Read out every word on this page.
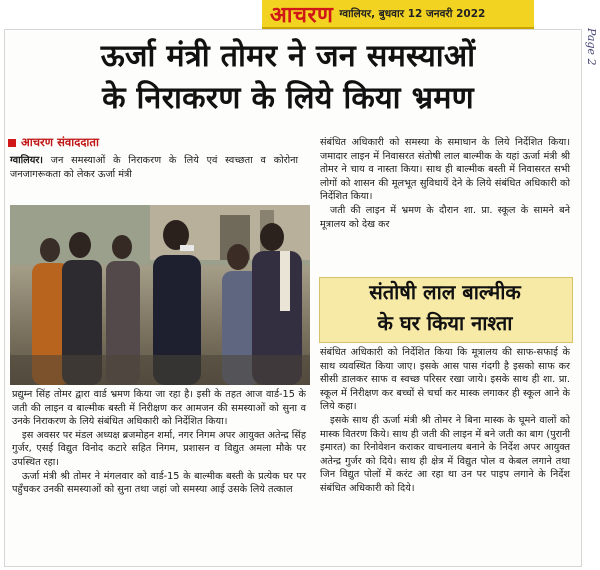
आचरण ग्वालियर, बुधवार 12 जनवरी 2022
Page 2
ऊर्जा मंत्री तोमर ने जन समस्याओं
के निराकरण के लिये किया भ्रमण
आचरण संवाददाता

ग्वालियर। जन समस्याओं के निराकरण के लिये एवं स्वच्छता व कोरोना जनजागरूकता को लेकर ऊर्जा मंत्री

प्रद्युम्न सिंह तोमर द्वारा वार्ड भ्रमण किया जा रहा है। इसी के तहत आज वार्ड-15 के जती की लाइन व बाल्मीक बस्ती में निरीक्षण कर आमजन की समस्याओं को सुना व उनके निराकरण के लिये संबंधित अधिकारी को निर्देशित किया।

इस अवसर पर मंडल अध्यक्ष ब्रजमोहन शर्मा, नगर निगम अपर आयुक्त अतेन्द्र सिंह गुर्जर, एसई विद्युत विनोद कटारे सहित निगम, प्रशासन व विद्युत अमला मौके पर उपस्थित रहा।

ऊर्जा मंत्री श्री तोमर ने मंगलवार को वार्ड-15 के बाल्मीक बस्ती के प्रत्येक घर पर पहुँचकर उनकी समस्याओं को सुना तथा जहां जो समस्या आई उसके लिये तत्काल

संबंधित अधिकारी को समस्या के समाधान के लिये निर्देशित किया। जमादार लाइन में निवासरत संतोषी लाल बाल्मीक के यहां ऊर्जा मंत्री श्री तोमर ने चाय व नास्ता किया। साथ ही बाल्मीक बस्ती में निवासरत सभी लोगों को शासन की मूलभूत सुविधायें देने के लिये संबंधित अधिकारी को निर्देशित किया।

जती की लाइन में भ्रमण के दौरान शा. प्रा. स्कूल के सामने बने मूत्रालय को देख कर

संतोषी लाल बाल्मीक
के घर किया नाश्ता

संबंधित अधिकारी को निर्देशित किया कि मूत्रालय की साफ-सफाई के साथ व्यवस्थित किया जाए। इसके आस पास गंदगी है इसको साफ कर सीसी डालकर साफ व स्वच्छ परिसर रखा जाये। इसके साथ ही शा. प्रा. स्कूल में निरीक्षण कर बच्चों से चर्चा कर मास्क लगाकर ही स्कूल आने के लिये कहा।

इसके साथ ही ऊर्जा मंत्री श्री तोमर ने बिना मास्क के घूमने वालों को मास्क वितरण किये। साथ ही जती की लाइन में बने जती का बाग (पुरानी इमारत) का रिनोवेशन कराकर वाचनालय बनाने के निर्देश अपर आयुक्त अतेन्द्र गुर्जर को दिये। साथ ही क्षेत्र में विद्युत पोल व केबल लगाने तथा जिन विद्युत पोलों में करंट आ रहा था उन पर पाइप लगाने के निर्देश संबंधित अधिकारी को दिये।
